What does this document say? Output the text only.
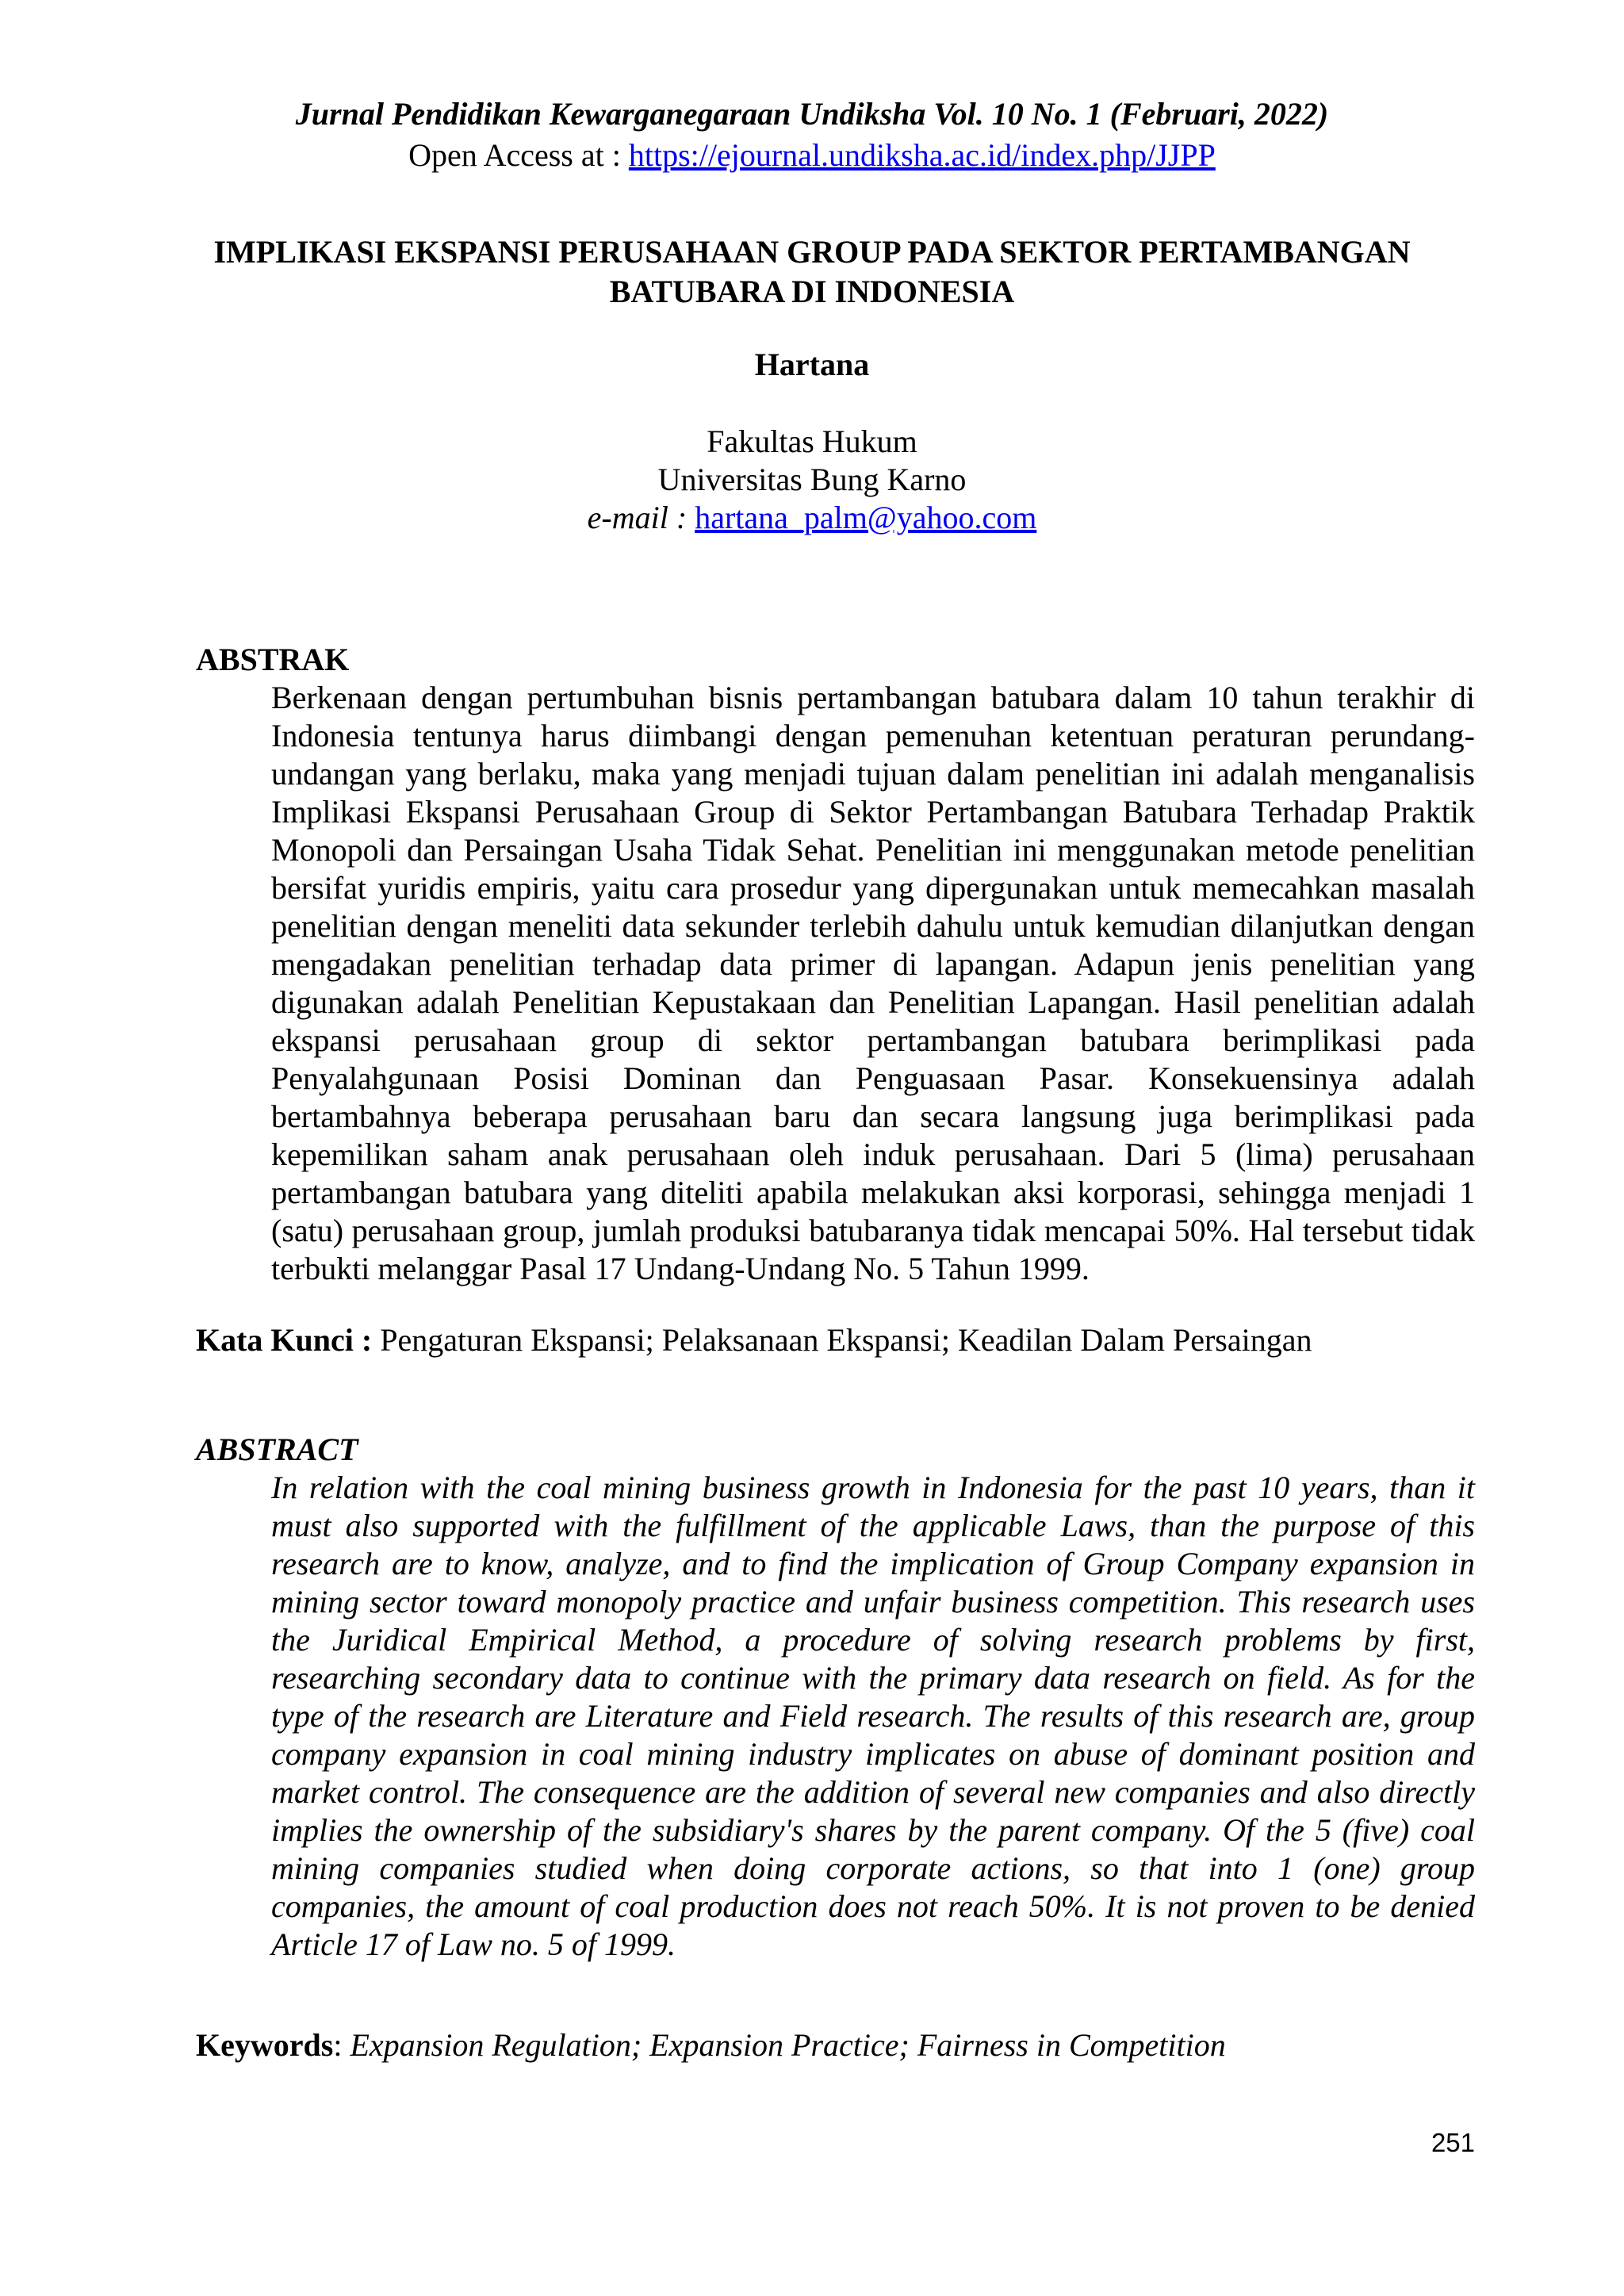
Jurnal Pendidikan Kewarganegaraan Undiksha Vol. 10 No. 1 (Februari, 2022)
Open Access at : https://ejournal.undiksha.ac.id/index.php/JJPP
IMPLIKASI EKSPANSI PERUSAHAAN GROUP PADA SEKTOR PERTAMBANGAN
BATUBARA DI INDONESIA
Hartana
Fakultas Hukum
Universitas Bung Karno
e-mail : hartana_palm@yahoo.com
ABSTRAK
Berkenaan dengan pertumbuhan bisnis pertambangan batubara dalam 10 tahun terakhir di Indonesia tentunya harus diimbangi dengan pemenuhan ketentuan peraturan perundang-undangan yang berlaku, maka yang menjadi tujuan dalam penelitian ini adalah menganalisis Implikasi Ekspansi Perusahaan Group di Sektor Pertambangan Batubara Terhadap Praktik Monopoli dan Persaingan Usaha Tidak Sehat. Penelitian ini menggunakan metode penelitian bersifat yuridis empiris, yaitu cara prosedur yang dipergunakan untuk memecahkan masalah penelitian dengan meneliti data sekunder terlebih dahulu untuk kemudian dilanjutkan dengan mengadakan penelitian terhadap data primer di lapangan. Adapun jenis penelitian yang digunakan adalah Penelitian Kepustakaan dan Penelitian Lapangan. Hasil penelitian adalah ekspansi perusahaan group di sektor pertambangan batubara berimplikasi pada Penyalahgunaan Posisi Dominan dan Penguasaan Pasar. Konsekuensinya adalah bertambahnya beberapa perusahaan baru dan secara langsung juga berimplikasi pada kepemilikan saham anak perusahaan oleh induk perusahaan. Dari 5 (lima) perusahaan pertambangan batubara yang diteliti apabila melakukan aksi korporasi, sehingga menjadi 1 (satu) perusahaan group, jumlah produksi batubaranya tidak mencapai 50%. Hal tersebut tidak terbukti melanggar Pasal 17 Undang-Undang No. 5 Tahun 1999.
Kata Kunci : Pengaturan Ekspansi; Pelaksanaan Ekspansi; Keadilan Dalam Persaingan
ABSTRACT
In relation with the coal mining business growth in Indonesia for the past 10 years, than it must also supported with the fulfillment of the applicable Laws, than the purpose of this research are to know, analyze, and to find the implication of Group Company expansion in mining sector toward monopoly practice and unfair business competition. This research uses the Juridical Empirical Method, a procedure of solving research problems by first, researching secondary data to continue with the primary data research on field. As for the type of the research are Literature and Field research. The results of this research are, group company expansion in coal mining industry implicates on abuse of dominant position and market control. The consequence are the addition of several new companies and also directly implies the ownership of the subsidiary's shares by the parent company. Of the 5 (five) coal mining companies studied when doing corporate actions, so that into 1 (one) group companies, the amount of coal production does not reach 50%. It is not proven to be denied Article 17 of Law no. 5 of 1999.
Keywords: Expansion Regulation; Expansion Practice; Fairness in Competition
251
